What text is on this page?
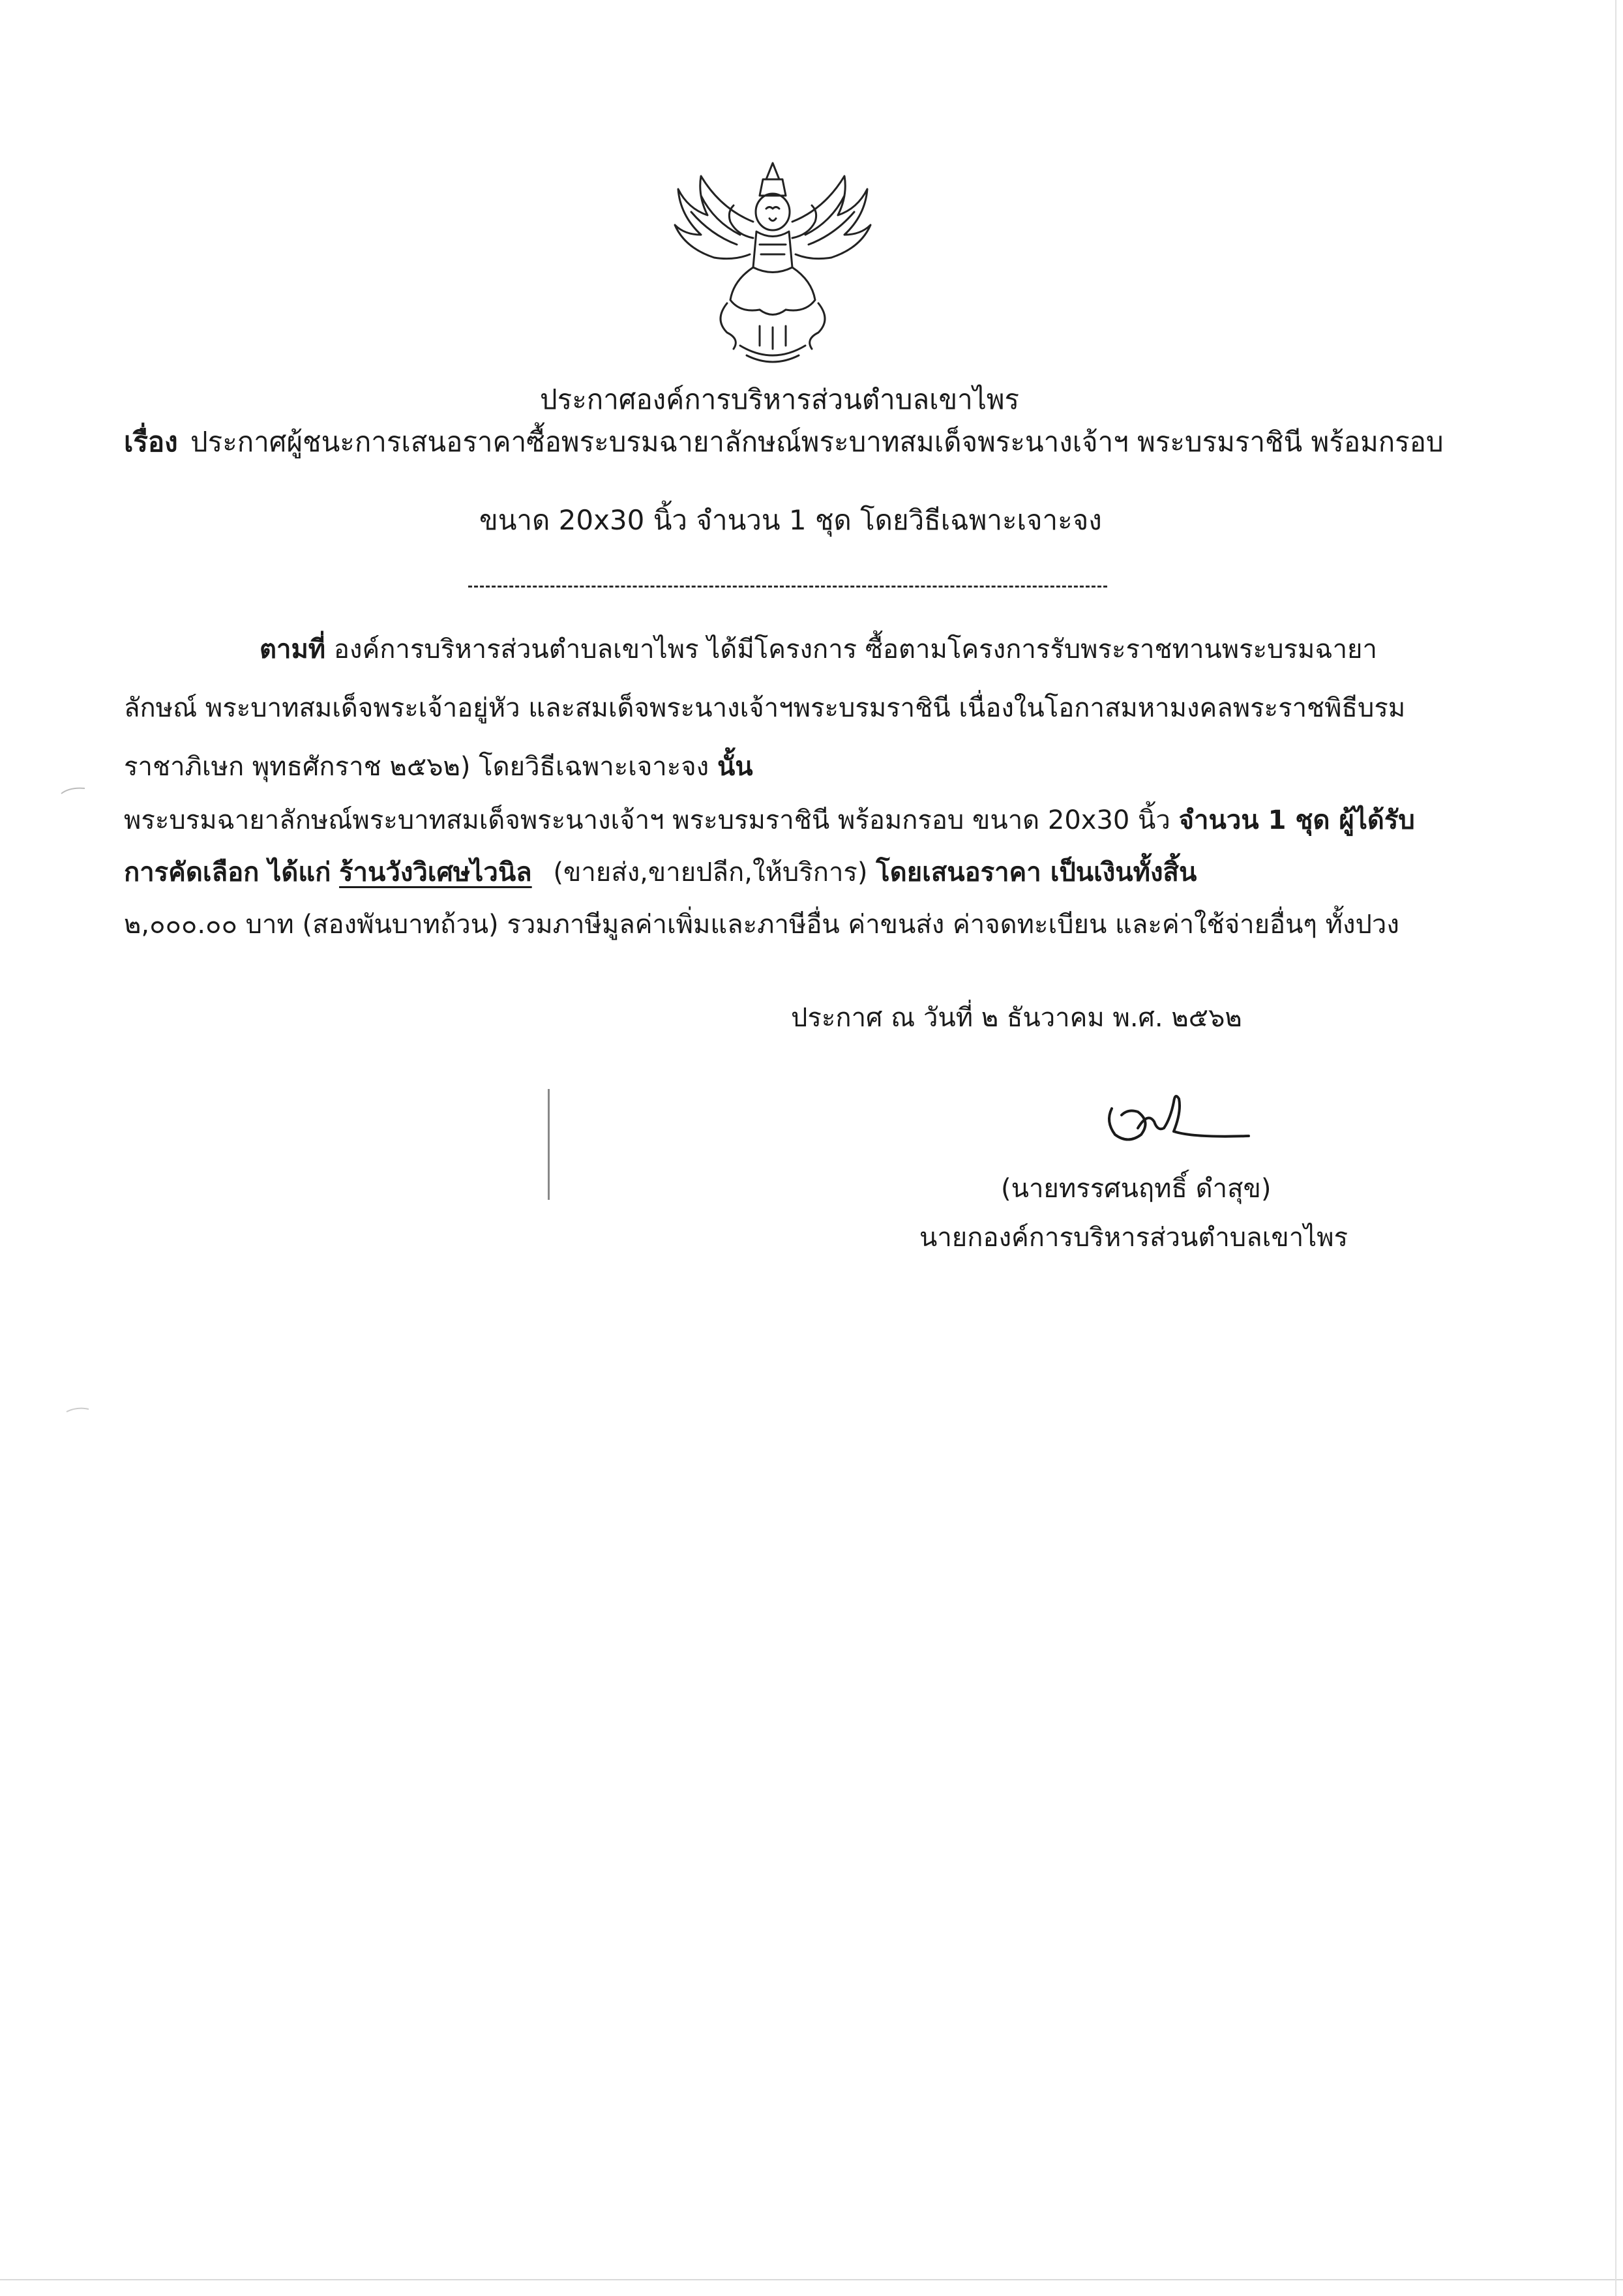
ประกาศองค์การบริหารส่วนตำบลเขาไพร
เรื่อง ประกาศผู้ชนะการเสนอราคาซื้อพระบรมฉายาลักษณ์พระบาทสมเด็จพระนางเจ้าฯ พระบรมราชินี พร้อมกรอบ
ขนาด 20x30 นิ้ว จำนวน 1 ชุด โดยวิธีเฉพาะเจาะจง
ตามที่ องค์การบริหารส่วนตำบลเขาไพร ได้มีโครงการ ซื้อตามโครงการรับพระราชทานพระบรมฉายา
ลักษณ์ พระบาทสมเด็จพระเจ้าอยู่หัว และสมเด็จพระนางเจ้าฯพระบรมราชินี เนื่องในโอกาสมหามงคลพระราชพิธีบรม
ราชาภิเษก พุทธศักราช ๒๕๖๒) โดยวิธีเฉพาะเจาะจง นั้น
พระบรมฉายาลักษณ์พระบาทสมเด็จพระนางเจ้าฯ พระบรมราชินี พร้อมกรอบ ขนาด 20x30 นิ้ว จำนวน 1 ชุด ผู้ได้รับ
การคัดเลือก ได้แก่ ร้านวังวิเศษไวนิล (ขายส่ง,ขายปลีก,ให้บริการ) โดยเสนอราคา เป็นเงินทั้งสิ้น
๒,๐๐๐.๐๐ บาท (สองพันบาทถ้วน) รวมภาษีมูลค่าเพิ่มและภาษีอื่น ค่าขนส่ง ค่าจดทะเบียน และค่าใช้จ่ายอื่นๆ ทั้งปวง
ประกาศ ณ วันที่ ๒ ธันวาคม พ.ศ. ๒๕๖๒
(นายทรรศนฤทธิ์ ดำสุข)
นายกองค์การบริหารส่วนตำบลเขาไพร
